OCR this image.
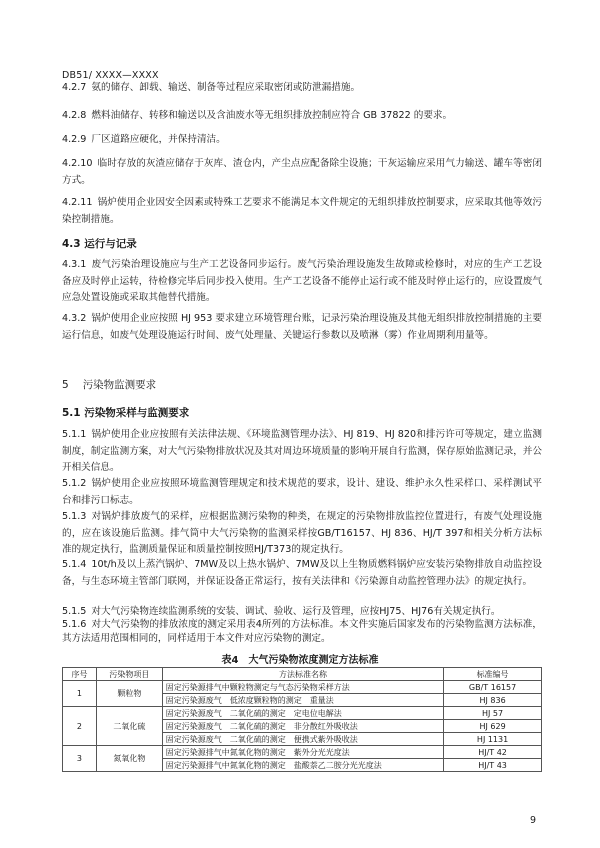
DB51/ XXXX—XXXX

4.2.7 氨的储存、卸载、输送、制备等过程应采取密闭或防泄漏措施。

4.2.8 燃料油储存、转移和输送以及含油废水等无组织排放控制应符合 GB 37822 的要求。

4.2.9 厂区道路应硬化，并保持清洁。

4.2.10 临时存放的灰渣应储存于灰库、渣仓内，产尘点应配备除尘设施；干灰运输应采用气力输送、罐车等密闭方式。

4.2.11 锅炉使用企业因安全因素或特殊工艺要求不能满足本文件规定的无组织排放控制要求，应采取其他等效污染控制措施。

4.3 运行与记录

4.3.1 废气污染治理设施应与生产工艺设备同步运行。废气污染治理设施发生故障或检修时，对应的生产工艺设备应及时停止运转，待检修完毕后同步投入使用。生产工艺设备不能停止运行或不能及时停止运行的，应设置废气应急处置设施或采取其他替代措施。

4.3.2 锅炉使用企业应按照 HJ 953 要求建立环境管理台账，记录污染治理设施及其他无组织排放控制措施的主要运行信息，如废气处理设施运行时间、废气处理量、关键运行参数以及喷淋（雾）作业周期利用量等。

5 污染物监测要求
5.1 污染物采样与监测要求

5.1.1 锅炉使用企业应按照有关法律法规、《环境监测管理办法》、HJ 819、HJ 820和排污许可等规定，建立监测制度，制定监测方案，对大气污染物排放状况及其对周边环境质量的影响开展自行监测，保存原始监测记录，并公开相关信息。

5.1.2 锅炉使用企业应按照环境监测管理规定和技术规范的要求，设计、建设、维护永久性采样口、采样测试平台和排污口标志。

5.1.3 对锅炉排放废气的采样，应根据监测污染物的种类，在规定的污染物排放监控位置进行，有废气处理设施的，应在该设施后监测。排气筒中大气污染物的监测采样按GB/T16157、HJ 836、HJ/T 397和相关分析方法标准的规定执行，监测质量保证和质量控制按照HJ/T373的规定执行。

5.1.4 10t/h及以上蒸汽锅炉、7MW及以上热水锅炉、7MW及以上生物质燃料锅炉应安装污染物排放自动监控设备，与生态环境主管部门联网，并保证设备正常运行，按有关法律和《污染源自动监控管理办法》的规定执行。

5.1.5 对大气污染物连续监测系统的安装、调试、验收、运行及管理，应按HJ75、HJ76有关规定执行。

表4　大气污染物浓度测定方法标准
序号	污染物项目	方法标准名称	标准编号
1	颗粒物	固定污染源排气中颗粒物测定与气态污染物采样方法	GB/T 16157
		固定污染源废气　低浓度颗粒物的测定　重量法	HJ 836
2	二氧化硫	固定污染源废气　二氧化硫的测定　定电位电解法	HJ 57
		固定污染源废气　二氧化硫的测定　非分散红外吸收法	HJ 629
		固定污染源废气　二氧化硫的测定　便携式紫外吸收法	HJ 1131
3	氮氧化物	固定污染源排气中氮氧化物的测定　紫外分光光度法	HJ/T 42
		固定污染源排气中氮氧化物的测定　盐酸萘乙二胺分光光度法	HJ/T 43
9

5.1.6 对大气污染物的排放浓度的测定采用表4所列的方法标准。本文件实施后国家发布的污染物监测方法标准，其方法适用范围相同的，同样适用于本文件对应污染物的测定。
